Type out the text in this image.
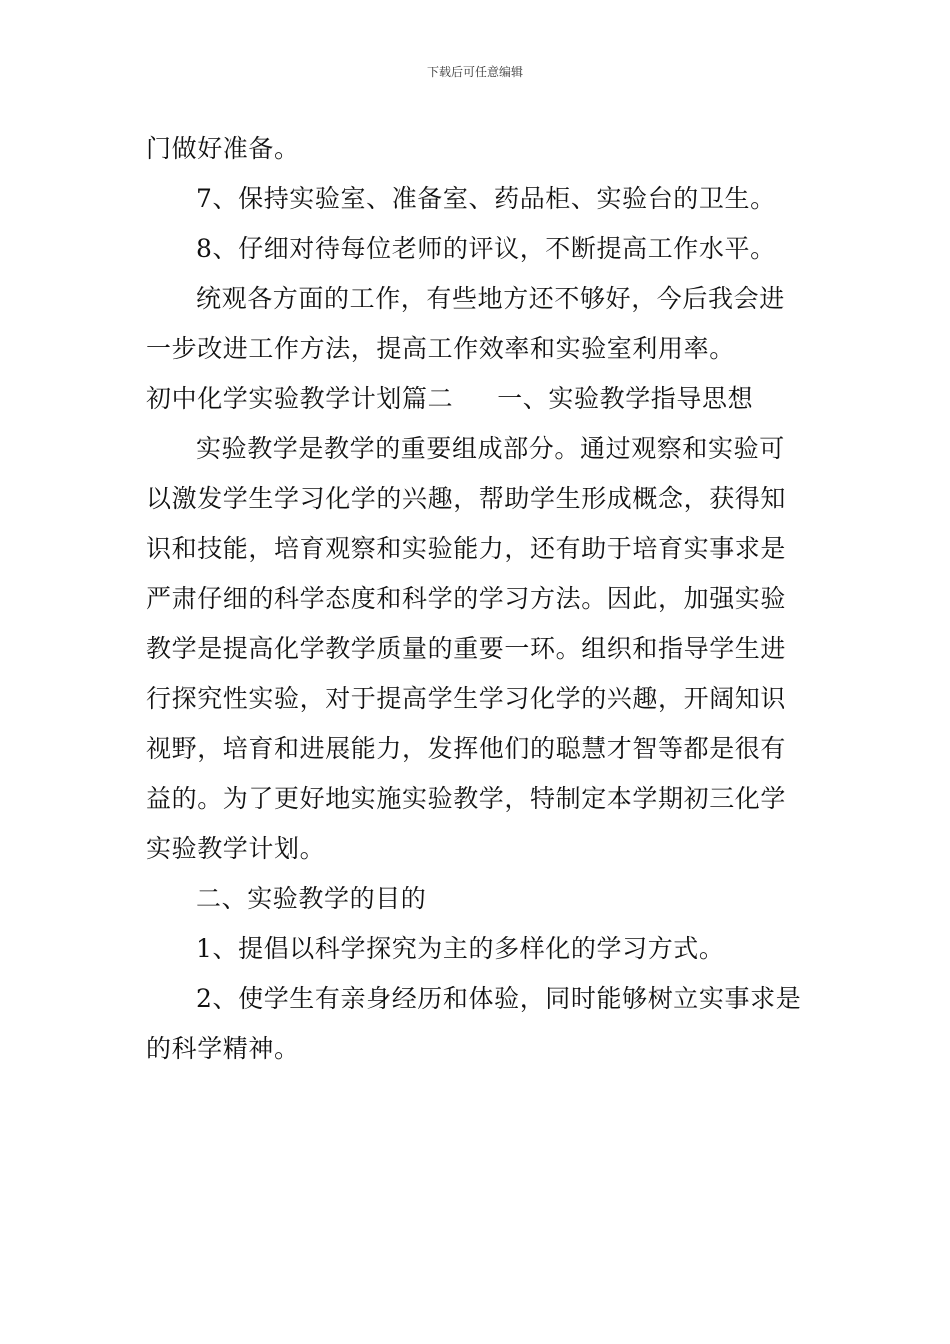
下载后可任意编辑
门做好准备。
7、保持实验室、准备室、药品柜、实验台的卫生。
8、仔细对待每位老师的评议，不断提高工作水平。
统观各方面的工作，有些地方还不够好，今后我会进
一步改进工作方法，提高工作效率和实验室利用率。
初中化学实验教学计划篇二 一、实验教学指导思想
实验教学是教学的重要组成部分。通过观察和实验可
以激发学生学习化学的兴趣，帮助学生形成概念，获得知
识和技能，培育观察和实验能力，还有助于培育实事求是
严肃仔细的科学态度和科学的学习方法。因此，加强实验
教学是提高化学教学质量的重要一环。组织和指导学生进
行探究性实验，对于提高学生学习化学的兴趣，开阔知识
视野，培育和进展能力，发挥他们的聪慧才智等都是很有
益的。为了更好地实施实验教学，特制定本学期初三化学
实验教学计划。
二、实验教学的目的
1、提倡以科学探究为主的多样化的学习方式。
2、使学生有亲身经历和体验，同时能够树立实事求是
的科学精神。
